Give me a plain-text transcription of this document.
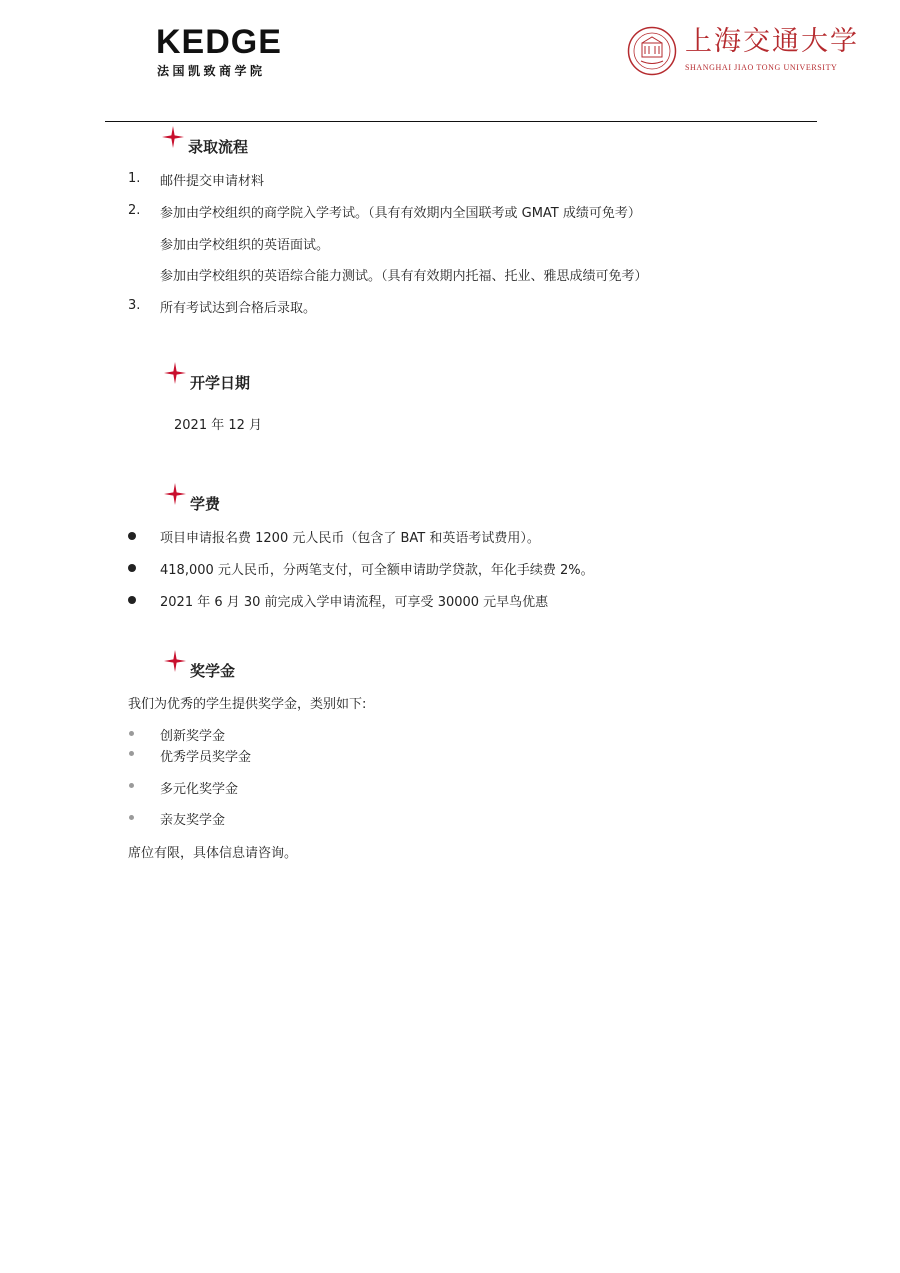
KEDGE
法国凯致商学院
上海交通大学
SHANGHAI JIAO TONG UNIVERSITY
录取流程
1. 邮件提交申请材料
2. 参加由学校组织的商学院入学考试。（具有有效期内全国联考或 GMAT 成绩可免考）
参加由学校组织的英语面试。
参加由学校组织的英语综合能力测试。（具有有效期内托福、托业、雅思成绩可免考）
3. 所有考试达到合格后录取。
开学日期
2021 年 12 月
学费
项目申请报名费 1200 元人民币（包含了 BAT 和英语考试费用）。
418,000 元人民币，分两笔支付，可全额申请助学贷款，年化手续费 2%。
2021 年 6 月 30 前完成入学申请流程，可享受 30000 元早鸟优惠
奖学金
我们为优秀的学生提供奖学金，类别如下:
创新奖学金
优秀学员奖学金
多元化奖学金
亲友奖学金
席位有限，具体信息请咨询。
